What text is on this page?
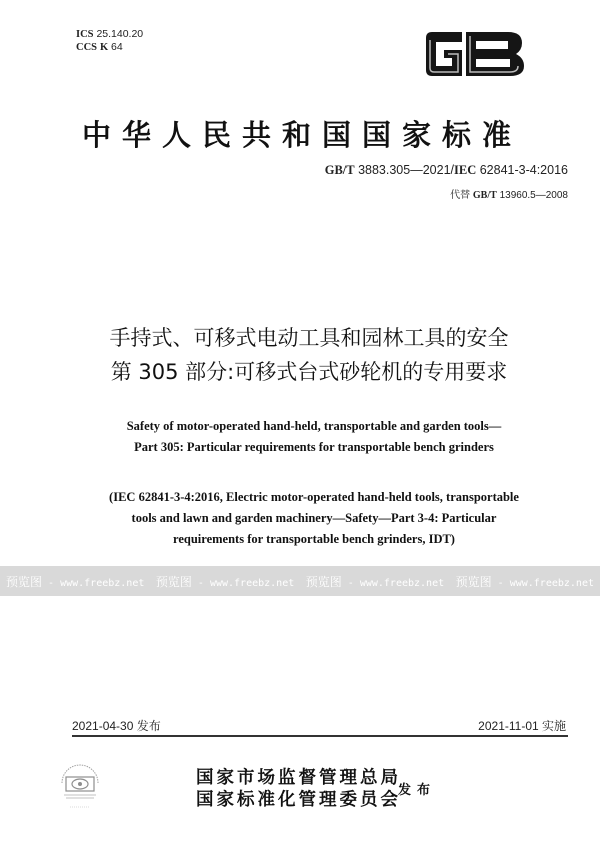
ICS 25.140.20
CCS K 64
中华人民共和国国家标准
GB/T 3883.305—2021/IEC 62841-3-4:2016
代替 GB/T 13960.5—2008
手持式、可移式电动工具和园林工具的安全
第 305 部分:可移式台式砂轮机的专用要求
Safety of motor-operated hand-held, transportable and garden tools—
Part 305: Particular requirements for transportable bench grinders
(IEC 62841-3-4:2016, Electric motor-operated hand-held tools, transportable
tools and lawn and garden machinery—Safety—Part 3-4: Particular
requirements for transportable bench grinders, IDT)
预览图 - www.freebz.net 预览图 - www.freebz.net 预览图 - www.freebz.net 预览图 - www.freebz.net
2021-04-30 发布	2021-11-01 实施
国家市场监督管理总局
国家标准化管理委员会
发布
